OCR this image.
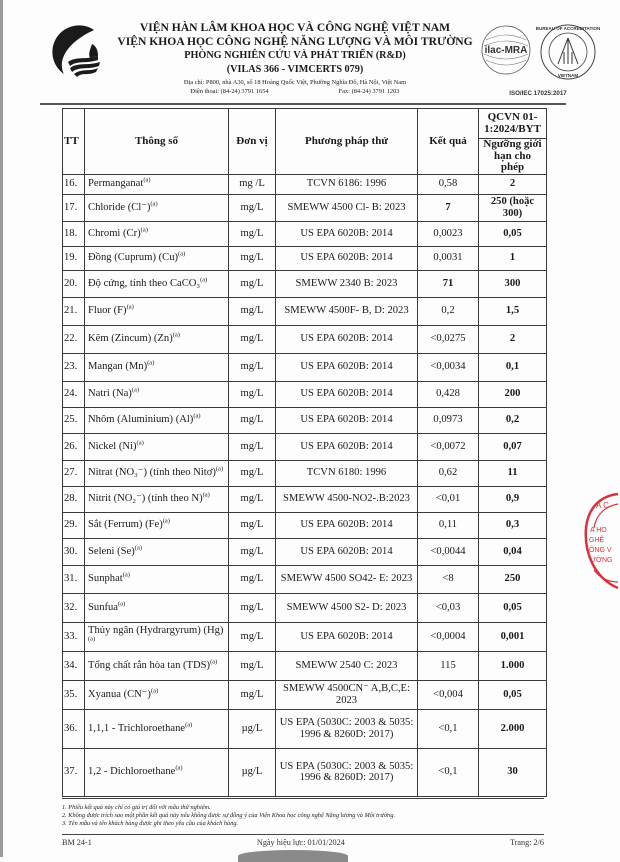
VIỆN HÀN LÂM KHOA HỌC VÀ CÔNG NGHỆ VIỆT NAM
VIỆN KHOA HỌC CÔNG NGHỆ NĂNG LƯỢNG VÀ MÔI TRƯỜNG
PHÒNG NGHIÊN CỨU VÀ PHÁT TRIỂN (R&D)
(VILAS 366 - VIMCERTS 079)
Địa chỉ: P800, nhà A30, số 18 Hoàng Quốc Việt, Phường Nghĩa Đô, Hà Nội, Việt Nam
Điện thoại: (84-24) 3791 1654	Fax: (84-24) 3791 1203
ilac-MRA
BUREAU OF ACCREDITATION
VIETNAM
ISO/IEC 17025:2017
TT	Thông số	Đơn vị	Phương pháp thử	Kết quả	QCVN 01-1:2024/BYT
					Ngưỡng giới hạn cho phép
16.	Permanganat$^{(a)}$	mg /L	TCVN 6186: 1996	0,58	2
17.	Chloride $(Cl^-)^{(a)}$	mg/L	SMEWW 4500 Cl- B: 2023	7	250 (hoặc 300)
18.	Chromi $(Cr)^{(a)}$	mg/L	US EPA 6020B: 2014	0,0023	0,05
19.	Đồng (Cuprum) $(Cu)^{(a)}$	mg/L	US EPA 6020B: 2014	0,0031	1
20.	Độ cứng, tính theo CaCO₃$^{(a)}$	mg/L	SMEWW 2340 B: 2023	71	300
21.	Fluor $(F)^{(a)}$	mg/L	SMEWW 4500F- B, D: 2023	0,2	1,5
22.	Kẽm (Zincum) $(Zn)^{(a)}$	mg/L	US EPA 6020B: 2014	<0,0275	2
23.	Mangan $(Mn)^{(a)}$	mg/L	US EPA 6020B: 2014	<0,0034	0,1
24.	Natri $(Na)^{(a)}$	mg/L	US EPA 6020B: 2014	0,428	200
25.	Nhôm (Aluminium) $(Al)^{(a)}$	mg/L	US EPA 6020B: 2014	0,0973	0,2
26.	Nickel $(Ni)^{(a)}$	mg/L	US EPA 6020B: 2014	<0,0072	0,07
27.	Nitrat (NO₃⁻) (tính theo Nitơ)$^{(a)}$	mg/L	TCVN 6180: 1996	0,62	11
28.	Nitrit (NO₂⁻) (tính theo N)$^{(a)}$	mg/L	SMEWW 4500-NO2-.B:2023	<0,01	0,9
29.	Sắt (Ferrum) $(Fe)^{(a)}$	mg/L	US EPA 6020B: 2014	0,11	0,3
30.	Seleni $(Se)^{(a)}$	mg/L	US EPA 6020B: 2014	<0,0044	0,04
31.	Sunphat$^{(a)}$	mg/L	SMEWW 4500 SO42- E: 2023	<8	250
32.	Sunfua$^{(a)}$	mg/L	SMEWW 4500 S2- D: 2023	<0,03	0,05
33.	Thủy ngân (Hydrargyrum) $(Hg)^{(a)}$	mg/L	US EPA 6020B: 2014	<0,0004	0,001
34.	Tổng chất rắn hòa tan (TDS)$^{(a)}$	mg/L	SMEWW 2540 C: 2023	115	1.000
35.	Xyanua $(CN^-)^{(a)}$	mg/L	SMEWW 4500CN⁻ A,B,C,E: 2023	<0,004	0,05
36.	1,1,1 - Trichloroethane$^{(a)}$	µg/L	US EPA (5030C: 2003 & 5035: 1996 & 8260D: 2017)	<0,1	2.000
37.	1,2 - Dichloroethane$^{(a)}$	µg/L	US EPA (5030C: 2003 & 5035: 1996 & 8260D: 2017)	<0,1	30
1. Phiếu kết quả này chỉ có giá trị đối với mẫu thử nghiệm.
2. Không được trích sao một phần kết quả này nếu không được sự đồng ý của Viện Khoa học công nghệ Năng lượng và Môi trường.
3. Tên mẫu và tên khách hàng được ghi theo yêu cầu của khách hàng.
BM 24-1	Ngày hiệu lực: 01/01/2024	Trang: 2/6
A C
A HO
GHỆ
ÔNG V
ƯỜNG
